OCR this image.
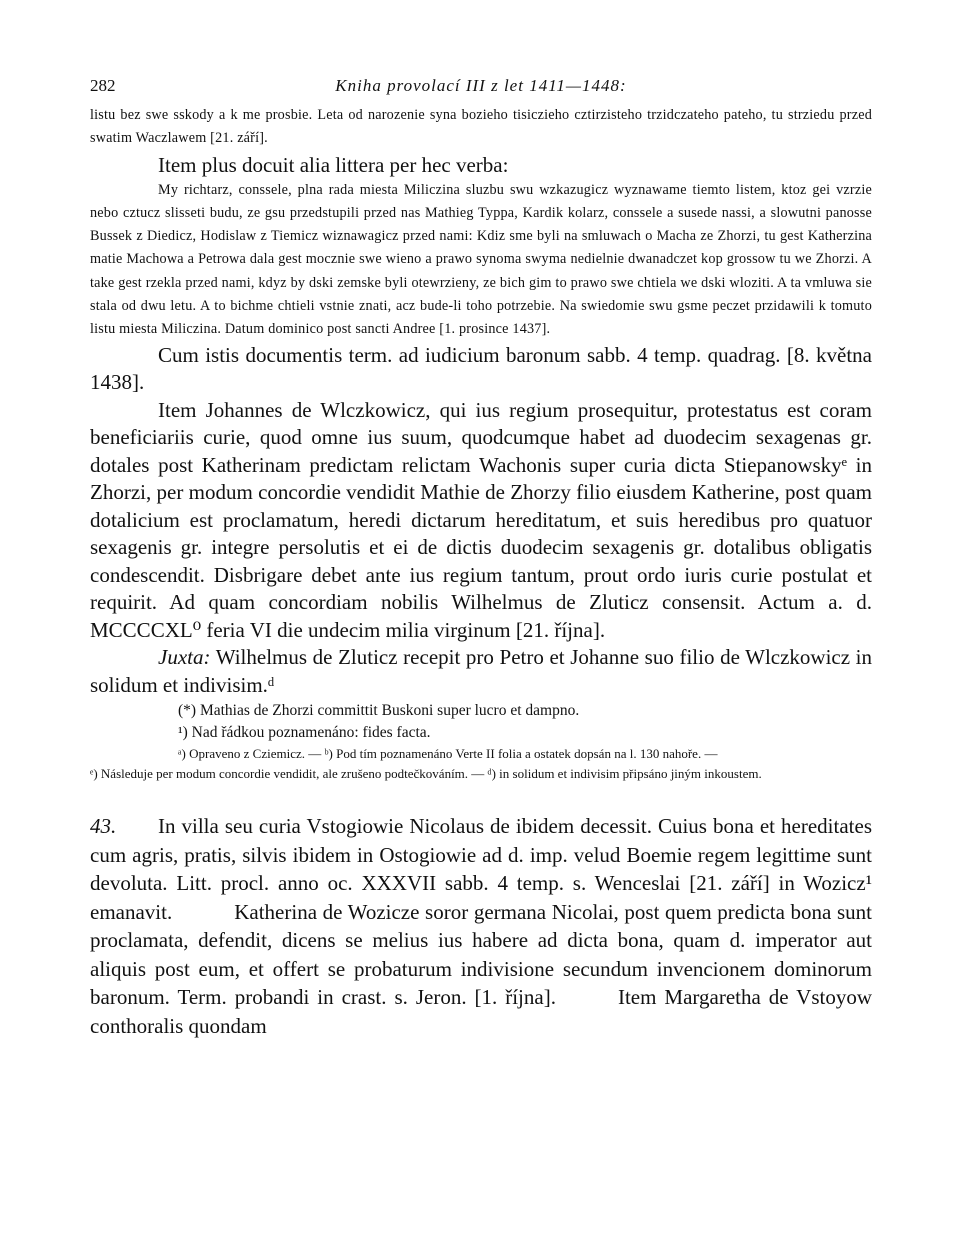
282	Kniha provolací III z let 1411—1448:

listu bez swe sskody a k me prosbie. Leta od narozenie syna bozieho tisiczieho cztirzisteho trzidczateho pateho, tu strziedu przed swatim Waczlawem [21. září].

Item plus docuit alia littera per hec verba:

My richtarz, conssele, plna rada miesta Miliczina sluzbu swu wzkazugicz wyznawame tiemto listem, ktoz gei vzrzie nebo cztucz slisseti budu, ze gsu przedstupili przed nas Mathieg Typpa, Kardik kolarz, conssele a susede nassi, a slowutni panosse Bussek z Diedicz, Hodislaw z Tiemicz wiznawagicz przed nami: Kdiz sme byli na smluwach o Macha ze Zhorzi, tu gest Katherzina matie Machowa a Petrowa dala gest mocznie swe wieno a prawo synoma swyma nedielnie dwanadczet kop grossow tu we Zhorzi. A take gest rzekla przed nami, kdyz by dski zemske byli otewrzieny, ze bich gim to prawo swe chtiela we dski wloziti. A ta vmluwa sie stala od dwu letu. A to bichme chtieli vstnie znati, acz bude-li toho potrzebie. Na swiedomie swu gsme peczet przidawili k tomuto listu miesta Miliczina. Datum dominico post sancti Andree [1. prosince 1437].

Cum istis documentis term. ad iudicium baronum sabb. 4 temp. quadrag. [8. května 1438].

Item Johannes de Wlczkowicz, qui ius regium prosequitur, protestatus est coram beneficiariis curie, quod omne ius suum, quodcumque habet ad duodecim sexagenas gr. dotales post Katherinam predictam relictam Wachonis super curia dicta Stiepanowskyᵉ in Zhorzi, per modum concordie vendidit Mathie de Zhorzy filio eiusdem Katherine, post quam dotalicium est proclamatum, heredi dictarum hereditatum, et suis heredibus pro quatuor sexagenis gr. integre persolutis et ei de dictis duodecim sexagenis gr. dotalibus obligatis condescendit. Disbrigare debet ante ius regium tantum, prout ordo iuris curie postulat et requirit. Ad quam concordiam nobilis Wilhelmus de Zluticz consensit. Actum a. d. MCCCCXL⁰ feria VI die undecim milia virginum [21. října].

Juxta: Wilhelmus de Zluticz recepit pro Petro et Johanne suo filio de Wlczkowicz in solidum et indivisim.ᵈ

(*) Mathias de Zhorzi committit Buskoni super lucro et dampno.

¹) Nad řádkou poznamenáno: fides facta.

ᵃ) Opraveno z Cziemicz. — ᵇ) Pod tím poznamenáno Verte II folia a ostatek dopsán na l. 130 nahoře. —
ᵉ) Následuje per modum concordie vendidit, ale zrušeno podtečkováním. — ᵈ) in solidum et indivisim připsáno jiným inkoustem.
43. In villa seu curia Vstogiowie Nicolaus de ibidem decessit. Cuius bona et hereditates cum agris, pratis, silvis ibidem in Ostogiowie ad d. imp. velud Boemie regem legittime sunt devoluta. Litt. procl. anno oc. XXXVII sabb. 4 temp. s. Wenceslai [21. září] in Wozicz¹ emanavit.	Katherina de Wozicze soror germana Nicolai, post quem predicta bona sunt proclamata, defendit, dicens se melius ius habere ad dicta bona, quam d. imperator aut aliquis post eum, et offert se probaturum indivisione secundum invencionem dominorum baronum. Term. probandi in crast. s. Jeron. [1. října].	Item Margaretha de Vstoyow conthoralis quondam
